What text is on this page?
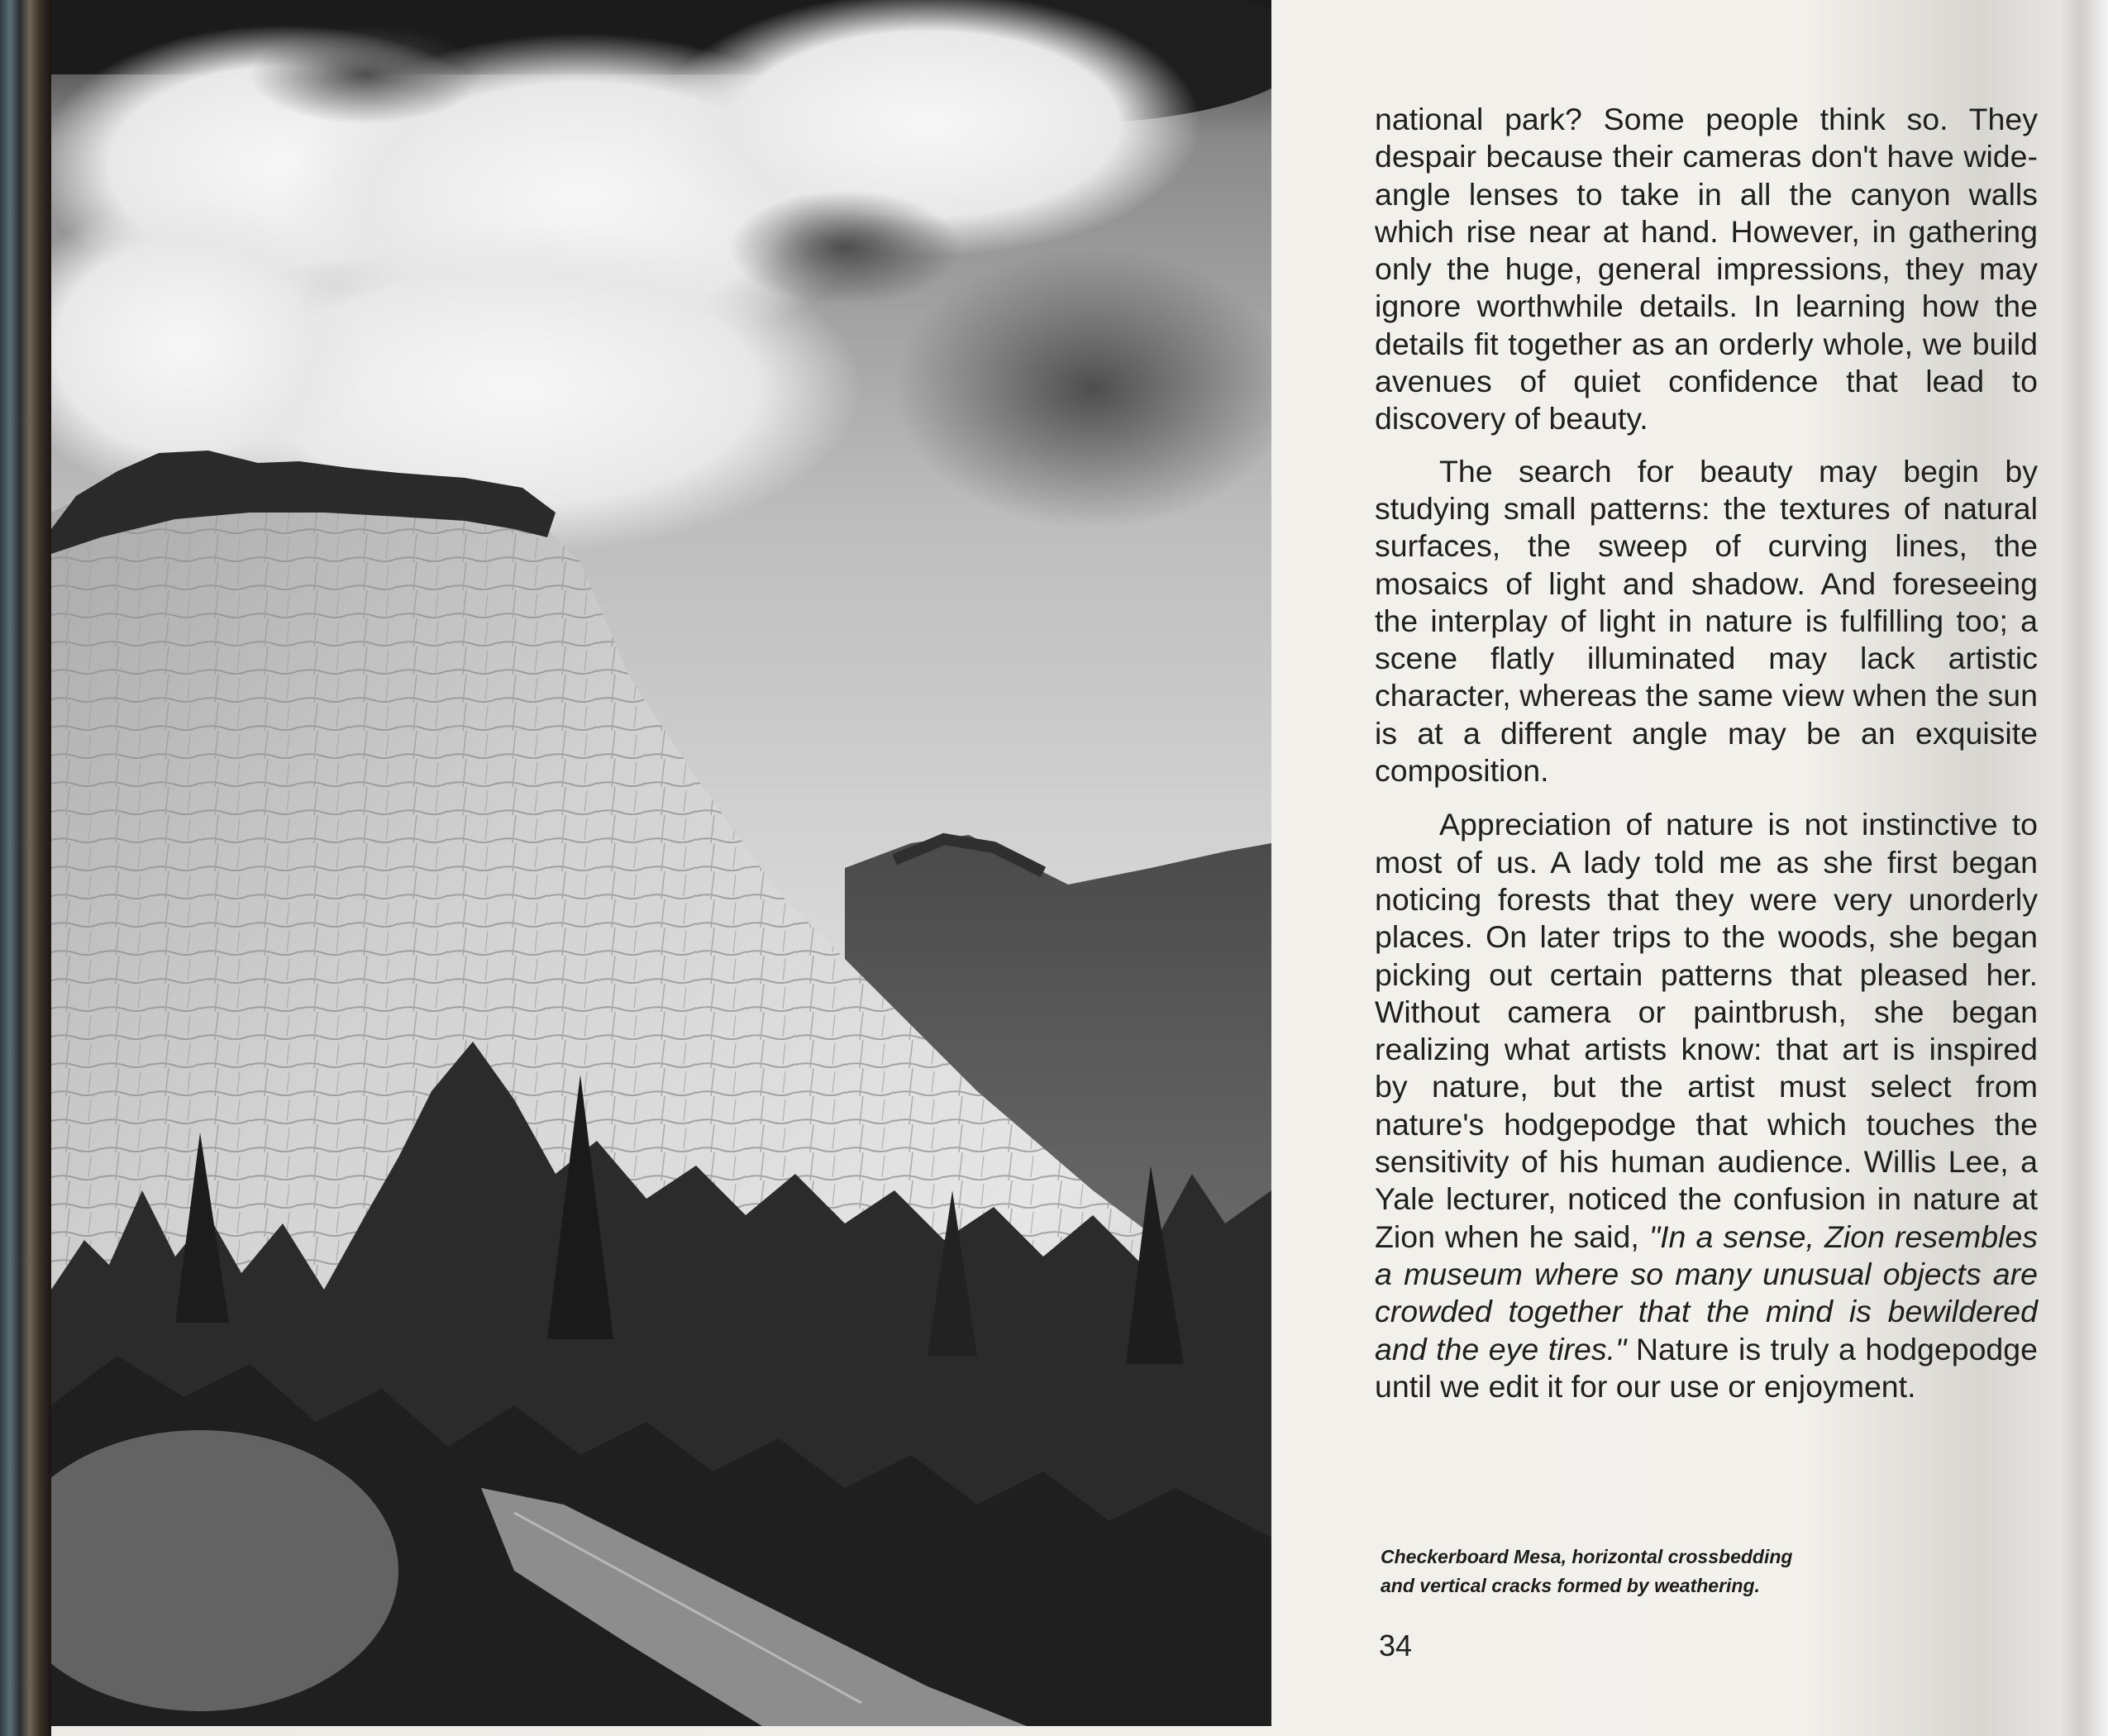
national park? Some people think so. They despair because their cameras don't have wide-angle lenses to take in all the canyon walls which rise near at hand. However, in gathering only the huge, general impressions, they may ignore worthwhile details. In learning how the details fit together as an orderly whole, we build avenues of quiet confidence that lead to discovery of beauty.

The search for beauty may begin by studying small patterns: the textures of natural surfaces, the sweep of curving lines, the mosaics of light and shadow. And foreseeing the interplay of light in nature is fulfilling too; a scene flatly illuminated may lack artistic character, whereas the same view when the sun is at a different angle may be an exquisite composition.

Appreciation of nature is not instinctive to most of us. A lady told me as she first began noticing forests that they were very unorderly places. On later trips to the woods, she began picking out certain patterns that pleased her. Without camera or paintbrush, she began realizing what artists know: that art is inspired by nature, but the artist must select from nature's hodgepodge that which touches the sensitivity of his human audience. Willis Lee, a Yale lecturer, noticed the confusion in nature at Zion when he said, "In a sense, Zion resembles a museum where so many unusual objects are crowded together that the mind is bewildered and the eye tires." Nature is truly a hodgepodge until we edit it for our use or enjoyment.

Checkerboard Mesa, horizontal crossbedding
and vertical cracks formed by weathering.
34
